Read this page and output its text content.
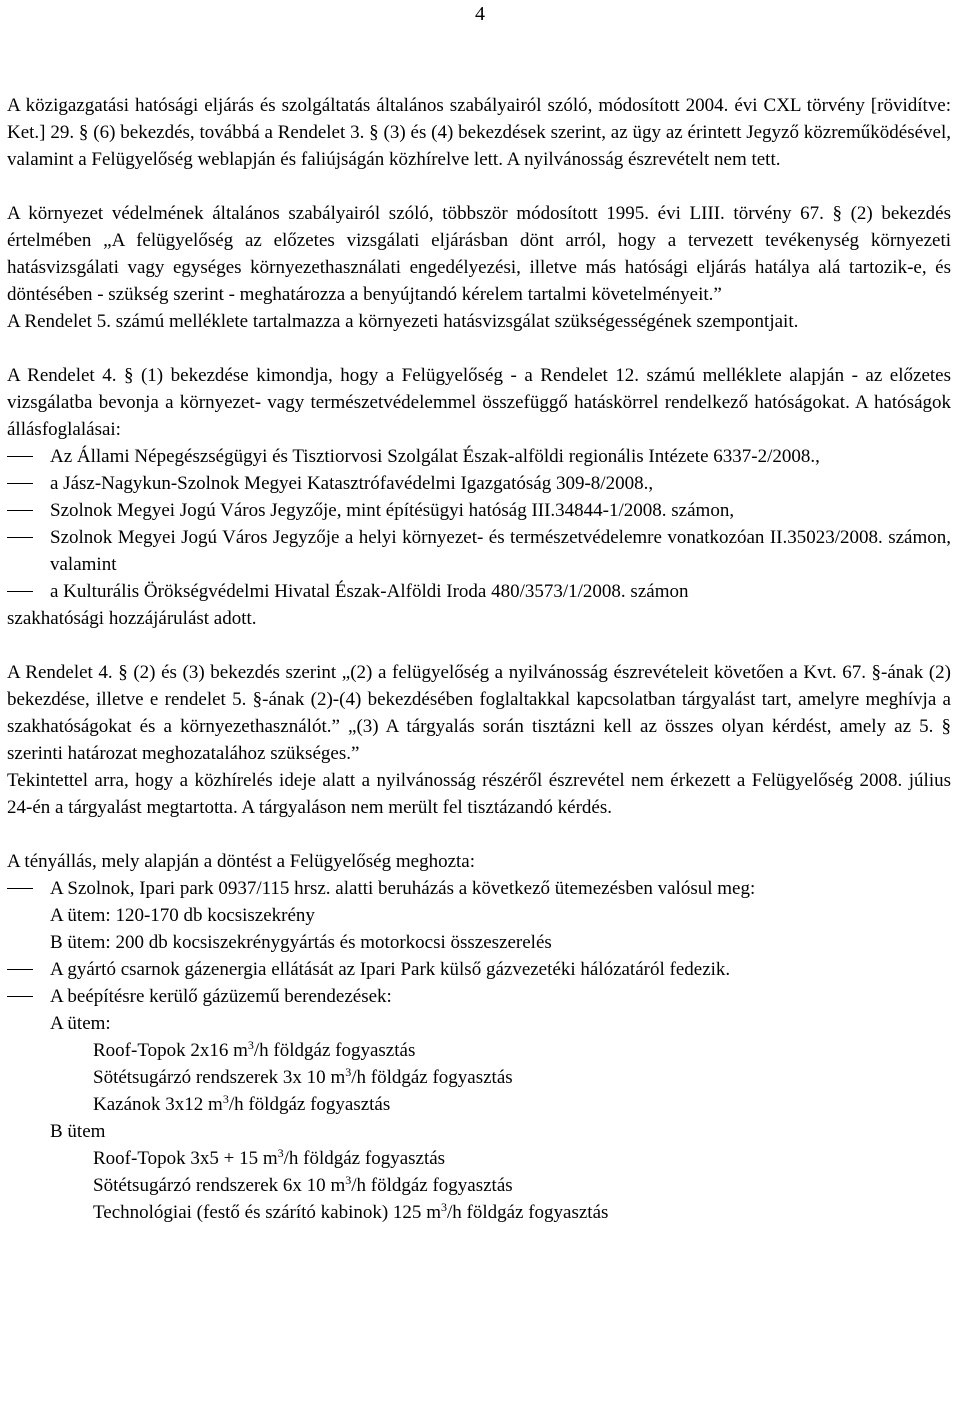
4

A közigazgatási hatósági eljárás és szolgáltatás általános szabályairól szóló, módosított 2004. évi CXL törvény [rövidítve: Ket.] 29. § (6) bekezdés, továbbá a Rendelet 3. § (3) és (4) bekezdések szerint, az ügy az érintett Jegyző közreműködésével, valamint a Felügyelőség weblapján és faliújságán közhírelve lett. A nyilvánosság észrevételt nem tett.

A környezet védelmének általános szabályairól szóló, többször módosított 1995. évi LIII. törvény 67. § (2) bekezdés értelmében „A felügyelőség az előzetes vizsgálati eljárásban dönt arról, hogy a tervezett tevékenység környezeti hatásvizsgálati vagy egységes környezethasználati engedélyezési, illetve más hatósági eljárás hatálya alá tartozik-e, és döntésében - szükség szerint - meghatározza a benyújtandó kérelem tartalmi követelményeit.”

A Rendelet 5. számú melléklete tartalmazza a környezeti hatásvizsgálat szükségességének szempontjait.

A Rendelet 4. § (1) bekezdése kimondja, hogy a Felügyelőség - a Rendelet 12. számú melléklete alapján - az előzetes vizsgálatba bevonja a környezet- vagy természetvédelemmel összefüggő hatáskörrel rendelkező hatóságokat. A hatóságok állásfoglalásai:

Az Állami Népegészségügyi és Tisztiorvosi Szolgálat Észak-alföldi regionális Intézete 6337-2/2008.,
a Jász-Nagykun-Szolnok Megyei Katasztrófavédelmi Igazgatóság 309-8/2008.,
Szolnok Megyei Jogú Város Jegyzője, mint építésügyi hatóság III.34844-1/2008. számon,
Szolnok Megyei Jogú Város Jegyzője a helyi környezet- és természetvédelemre vonatkozóan II.35023/2008. számon, valamint
a Kulturális Örökségvédelmi Hivatal Észak-Alföldi Iroda 480/3573/1/2008. számon

szakhatósági hozzájárulást adott.

A Rendelet 4. § (2) és (3) bekezdés szerint „(2) a felügyelőség a nyilvánosság észrevételeit követően a Kvt. 67. §-ának (2) bekezdése, illetve e rendelet 5. §-ának (2)-(4) bekezdésében foglaltakkal kapcsolatban tárgyalást tart, amelyre meghívja a szakhatóságokat és a környezethasználót.” „(3) A tárgyalás során tisztázni kell az összes olyan kérdést, amely az 5. § szerinti határozat meghozatalához szükséges.”

Tekintettel arra, hogy a közhírelés ideje alatt a nyilvánosság részéről észrevétel nem érkezett a Felügyelőség 2008. július 24-én a tárgyalást megtartotta. A tárgyaláson nem merült fel tisztázandó kérdés.

A tényállás, mely alapján a döntést a Felügyelőség meghozta:

A Szolnok, Ipari park 0937/115 hrsz. alatti beruházás a következő ütemezésben valósul meg:

A ütem: 120-170 db kocsiszekrény

B ütem: 200 db kocsiszekrénygyártás és motorkocsi összeszerelés

A gyártó csarnok gázenergia ellátását az Ipari Park külső gázvezetéki hálózatáról fedezik.
A beépítésre kerülő gázüzemű berendezések:

A ütem:

Roof-Topok 2x16 $m^3/h$ földgáz fogyasztás
Sötétsugárzó rendszerek 3x 10 $m^3/h$ földgáz fogyasztás
Kazánok 3x12 $m^3/h$ földgáz fogyasztás

B ütem

Roof-Topok 3x5 + 15 $m^3/h$ földgáz fogyasztás
Sötétsugárzó rendszerek 6x 10 $m^3/h$ földgáz fogyasztás
Technológiai (festő és szárító kabinok) 125 $m^3/h$ földgáz fogyasztás
